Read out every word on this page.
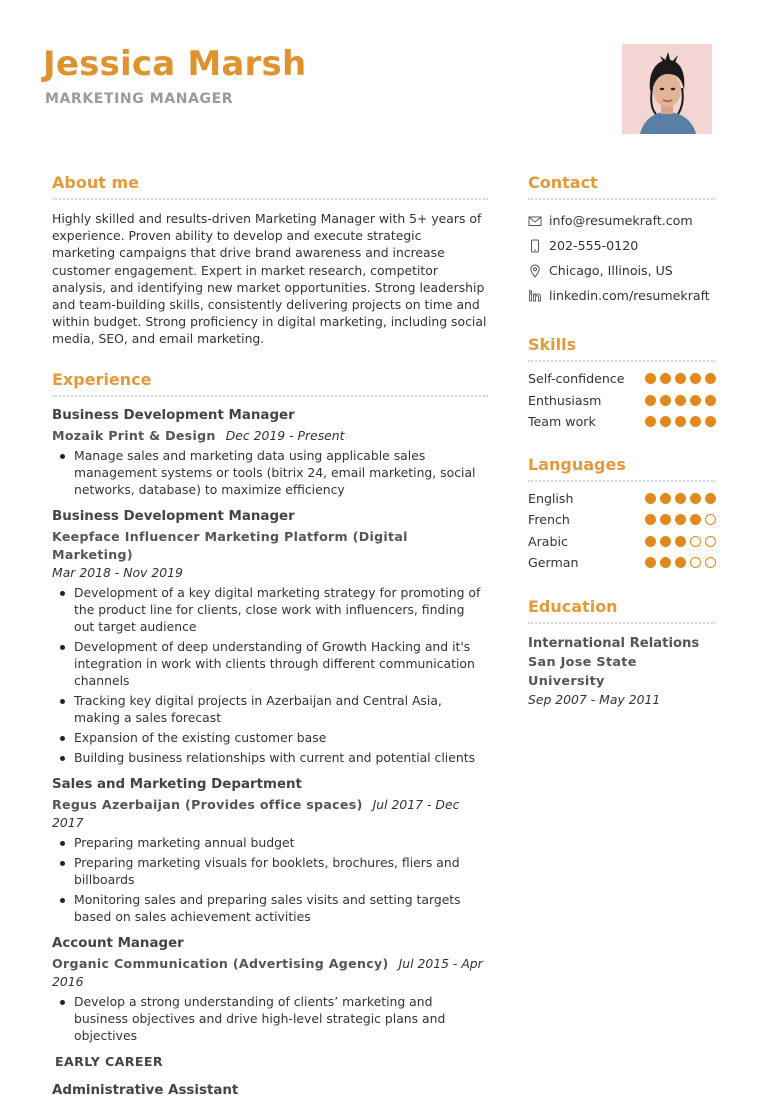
Jessica Marsh
MARKETING MANAGER
About me

Highly skilled and results-driven Marketing Manager with 5+ years of experience. Proven ability to develop and execute strategic marketing campaigns that drive brand awareness and increase customer engagement. Expert in market research, competitor analysis, and identifying new market opportunities. Strong leadership and team-building skills, consistently delivering projects on time and within budget. Strong proficiency in digital marketing, including social media, SEO, and email marketing.

Experience
Business Development Manager
Mozaik Print & Design Dec 2019 - Present
Manage sales and marketing data using applicable sales management systems or tools (bitrix 24, email marketing, social networks, database) to maximize efficiency
Business Development Manager
Keepface Influencer Marketing Platform (Digital Marketing)
Mar 2018 - Nov 2019
Development of a key digital marketing strategy for promoting of the product line for clients, close work with influencers, finding out target audience
Development of deep understanding of Growth Hacking and it's integration in work with clients through different communication channels
Tracking key digital projects in Azerbaijan and Central Asia, making a sales forecast
Expansion of the existing customer base
Building business relationships with current and potential clients
Sales and Marketing Department
Regus Azerbaijan (Provides office spaces) Jul 2017 - Dec 2017
Preparing marketing annual budget
Preparing marketing visuals for booklets, brochures, fliers and billboards
Monitoring sales and preparing sales visits and setting targets based on sales achievement activities
Account Manager
Organic Communication (Advertising Agency) Jul 2015 - Apr 2016
Develop a strong understanding of clients’ marketing and business objectives and drive high-level strategic plans and objectives
EARLY CAREER
Administrative Assistant
Contact
info@resumekraft.com
202-555-0120
Chicago, Illinois, US
linkedin.com/resumekraft
Skills
Self-confidence
Enthusiasm
Team work
Languages
English
French
Arabic
German
Education
International Relations
San Jose State University
Sep 2007 - May 2011
